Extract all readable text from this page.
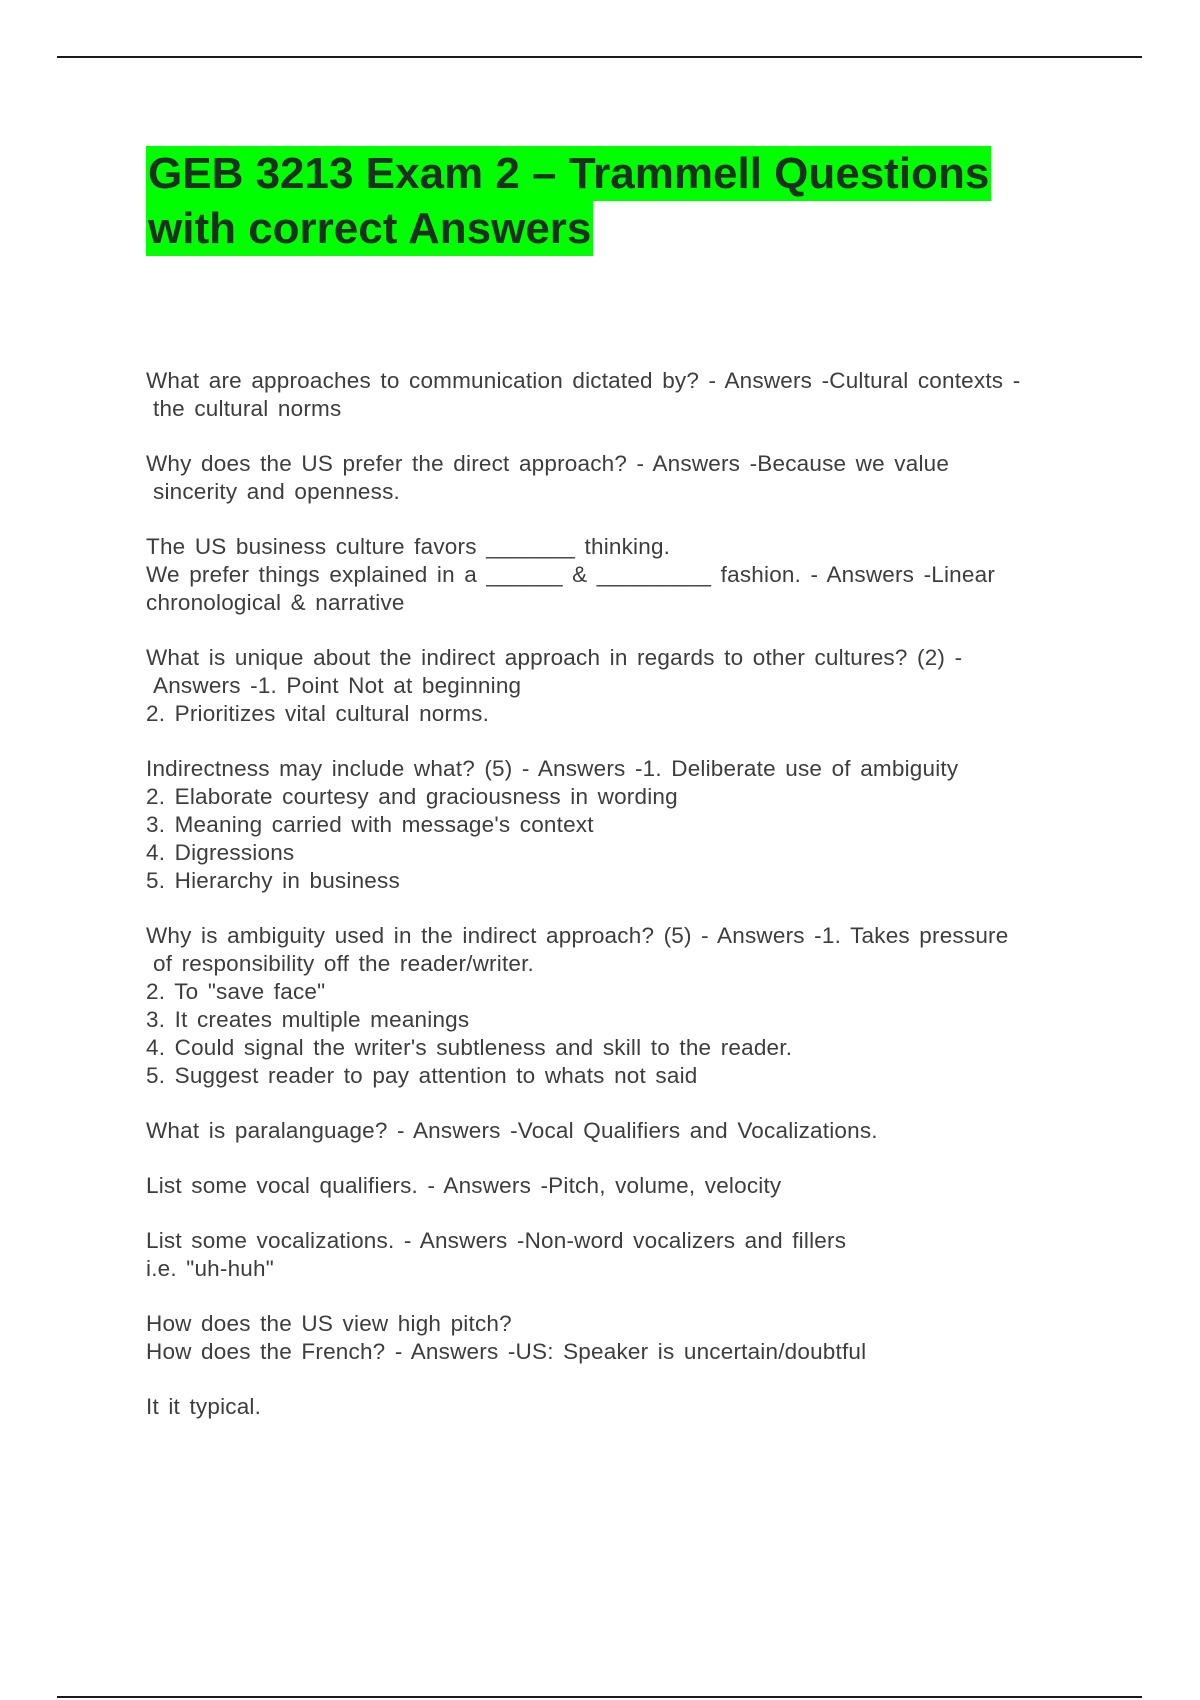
GEB 3213 Exam 2 – Trammell Questions
with correct Answers

What are approaches to communication dictated by? - Answers -Cultural contexts -
the cultural norms

Why does the US prefer the direct approach? - Answers -Because we value
sincerity and openness.

The US business culture favors _______ thinking.
We prefer things explained in a ______ & _________ fashion. - Answers -Linear
chronological & narrative

What is unique about the indirect approach in regards to other cultures? (2) -
Answers -1. Point Not at beginning
2. Prioritizes vital cultural norms.

Indirectness may include what? (5) - Answers -1. Deliberate use of ambiguity
2. Elaborate courtesy and graciousness in wording
3. Meaning carried with message's context
4. Digressions
5. Hierarchy in business

Why is ambiguity used in the indirect approach? (5) - Answers -1. Takes pressure
of responsibility off the reader/writer.
2. To "save face"
3. It creates multiple meanings
4. Could signal the writer's subtleness and skill to the reader.
5. Suggest reader to pay attention to whats not said

What is paralanguage? - Answers -Vocal Qualifiers and Vocalizations.

List some vocal qualifiers. - Answers -Pitch, volume, velocity

List some vocalizations. - Answers -Non-word vocalizers and fillers
i.e. "uh-huh"

How does the US view high pitch?
How does the French? - Answers -US: Speaker is uncertain/doubtful

It it typical.
